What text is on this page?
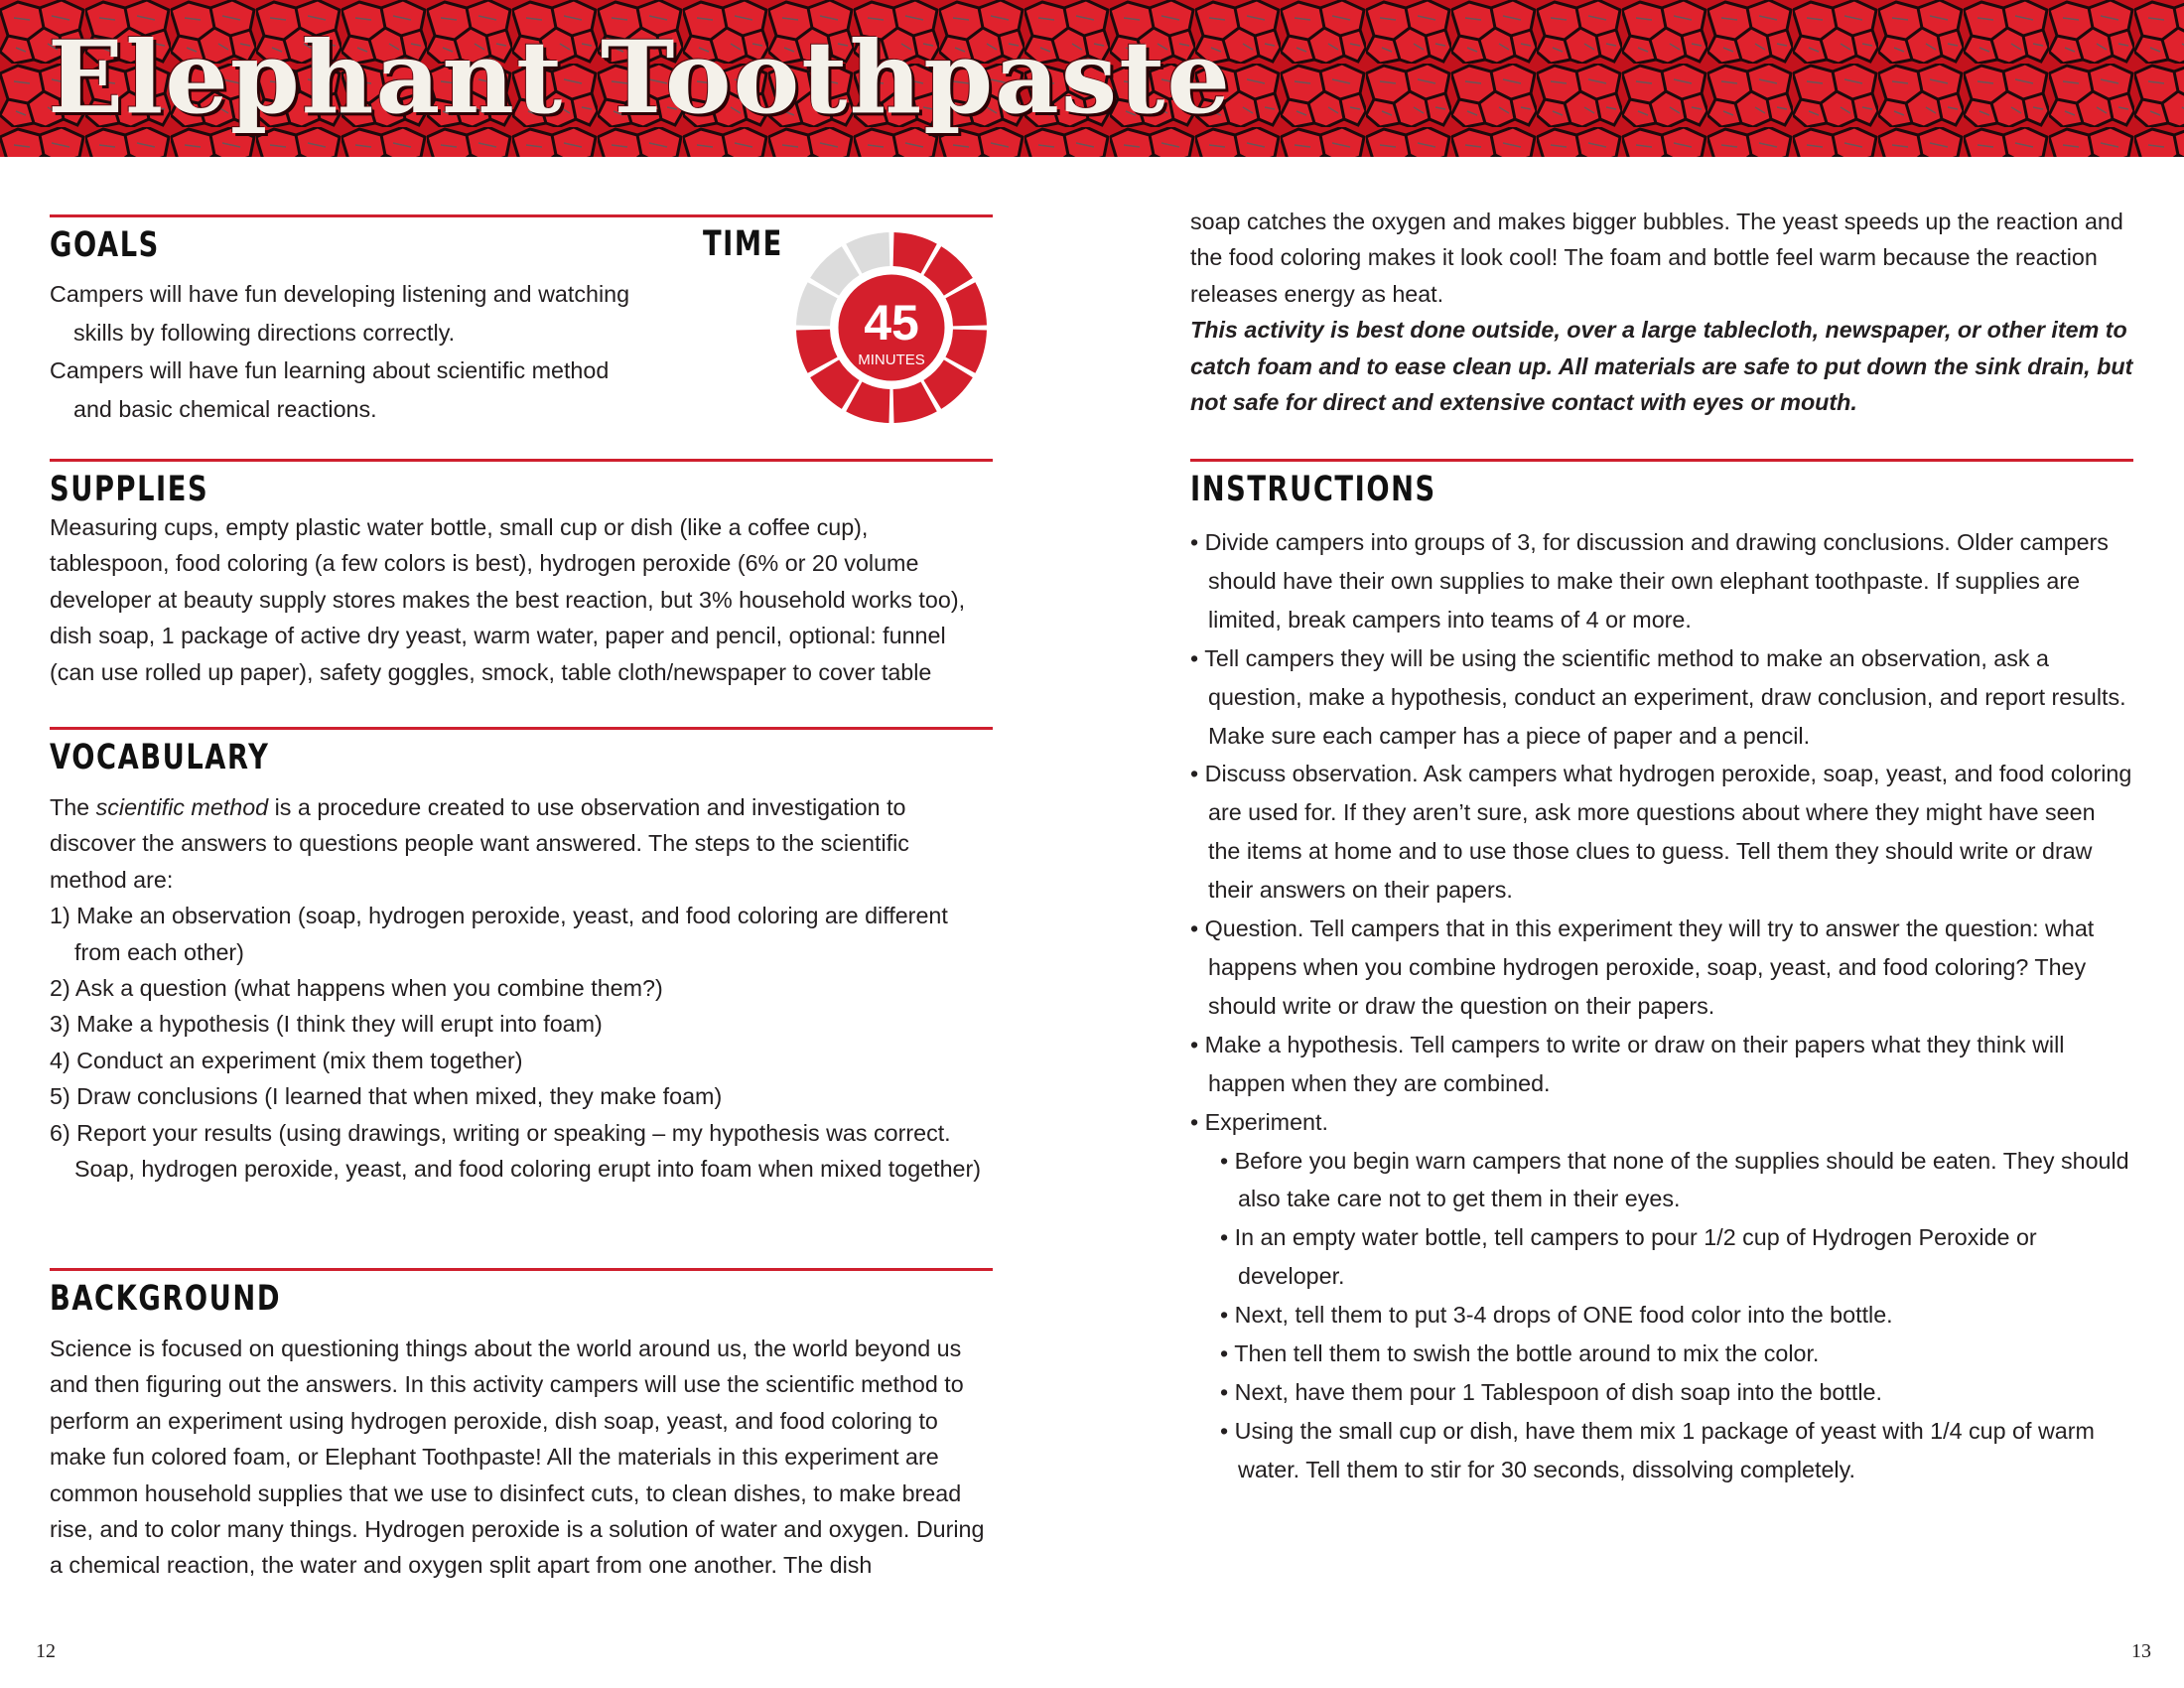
Elephant Toothpaste
GOALS

Campers will have fun developing listening and watching skills by following directions correctly.

Campers will have fun learning about scientific method and basic chemical reactions.

TIME
45
MINUTES
SUPPLIES

Measuring cups, empty plastic water bottle, small cup or dish (like a coffee cup), tablespoon, food coloring (a few colors is best), hydrogen peroxide (6% or 20 volume developer at beauty supply stores makes the best reaction, but 3% household works too), dish soap, 1 package of active dry yeast, warm water, paper and pencil, optional: funnel (can use rolled up paper), safety goggles, smock, table cloth/newspaper to cover table

VOCABULARY

The scientific method is a procedure created to use observation and investigation to discover the answers to questions people want answered. The steps to the scientific method are:

1) Make an observation (soap, hydrogen peroxide, yeast, and food coloring are different from each other)

2) Ask a question (what happens when you combine them?)

3) Make a hypothesis (I think they will erupt into foam)

4) Conduct an experiment (mix them together)

5) Draw conclusions (I learned that when mixed, they make foam)

6) Report your results (using drawings, writing or speaking – my hypothesis was correct. Soap, hydrogen peroxide, yeast, and food coloring erupt into foam when mixed together)

BACKGROUND

Science is focused on questioning things about the world around us, the world beyond us and then figuring out the answers. In this activity campers will use the scientific method to perform an experiment using hydrogen peroxide, dish soap, yeast, and food coloring to make fun colored foam, or Elephant Toothpaste! All the materials in this experiment are common household supplies that we use to disinfect cuts, to clean dishes, to make bread rise, and to color many things. Hydrogen peroxide is a solution of water and oxygen. During a chemical reaction, the water and oxygen split apart from one another. The dish

soap catches the oxygen and makes bigger bubbles. The yeast speeds up the reaction and the food coloring makes it look cool! The foam and bottle feel warm because the reaction releases energy as heat.

This activity is best done outside, over a large tablecloth, newspaper, or other item to catch foam and to ease clean up. All materials are safe to put down the sink drain, but not safe for direct and extensive contact with eyes or mouth.

INSTRUCTIONS

• Divide campers into groups of 3, for discussion and drawing conclusions. Older campers should have their own supplies to make their own elephant toothpaste. If supplies are limited, break campers into teams of 4 or more.

• Tell campers they will be using the scientific method to make an observation, ask a question, make a hypothesis, conduct an experiment, draw conclusion, and report results. Make sure each camper has a piece of paper and a pencil.

• Discuss observation. Ask campers what hydrogen peroxide, soap, yeast, and food coloring are used for. If they aren’t sure, ask more questions about where they might have seen the items at home and to use those clues to guess. Tell them they should write or draw their answers on their papers.

• Question. Tell campers that in this experiment they will try to answer the question: what happens when you combine hydrogen peroxide, soap, yeast, and food coloring? They should write or draw the question on their papers.

• Make a hypothesis. Tell campers to write or draw on their papers what they think will happen when they are combined.

• Experiment.

• Before you begin warn campers that none of the supplies should be eaten. They should also take care not to get them in their eyes.

• In an empty water bottle, tell campers to pour 1/2 cup of Hydrogen Peroxide or developer.

• Next, tell them to put 3-4 drops of ONE food color into the bottle.

• Then tell them to swish the bottle around to mix the color.

• Next, have them pour 1 Tablespoon of dish soap into the bottle.

• Using the small cup or dish, have them mix 1 package of yeast with 1/4 cup of warm water. Tell them to stir for 30 seconds, dissolving completely.

12	13
